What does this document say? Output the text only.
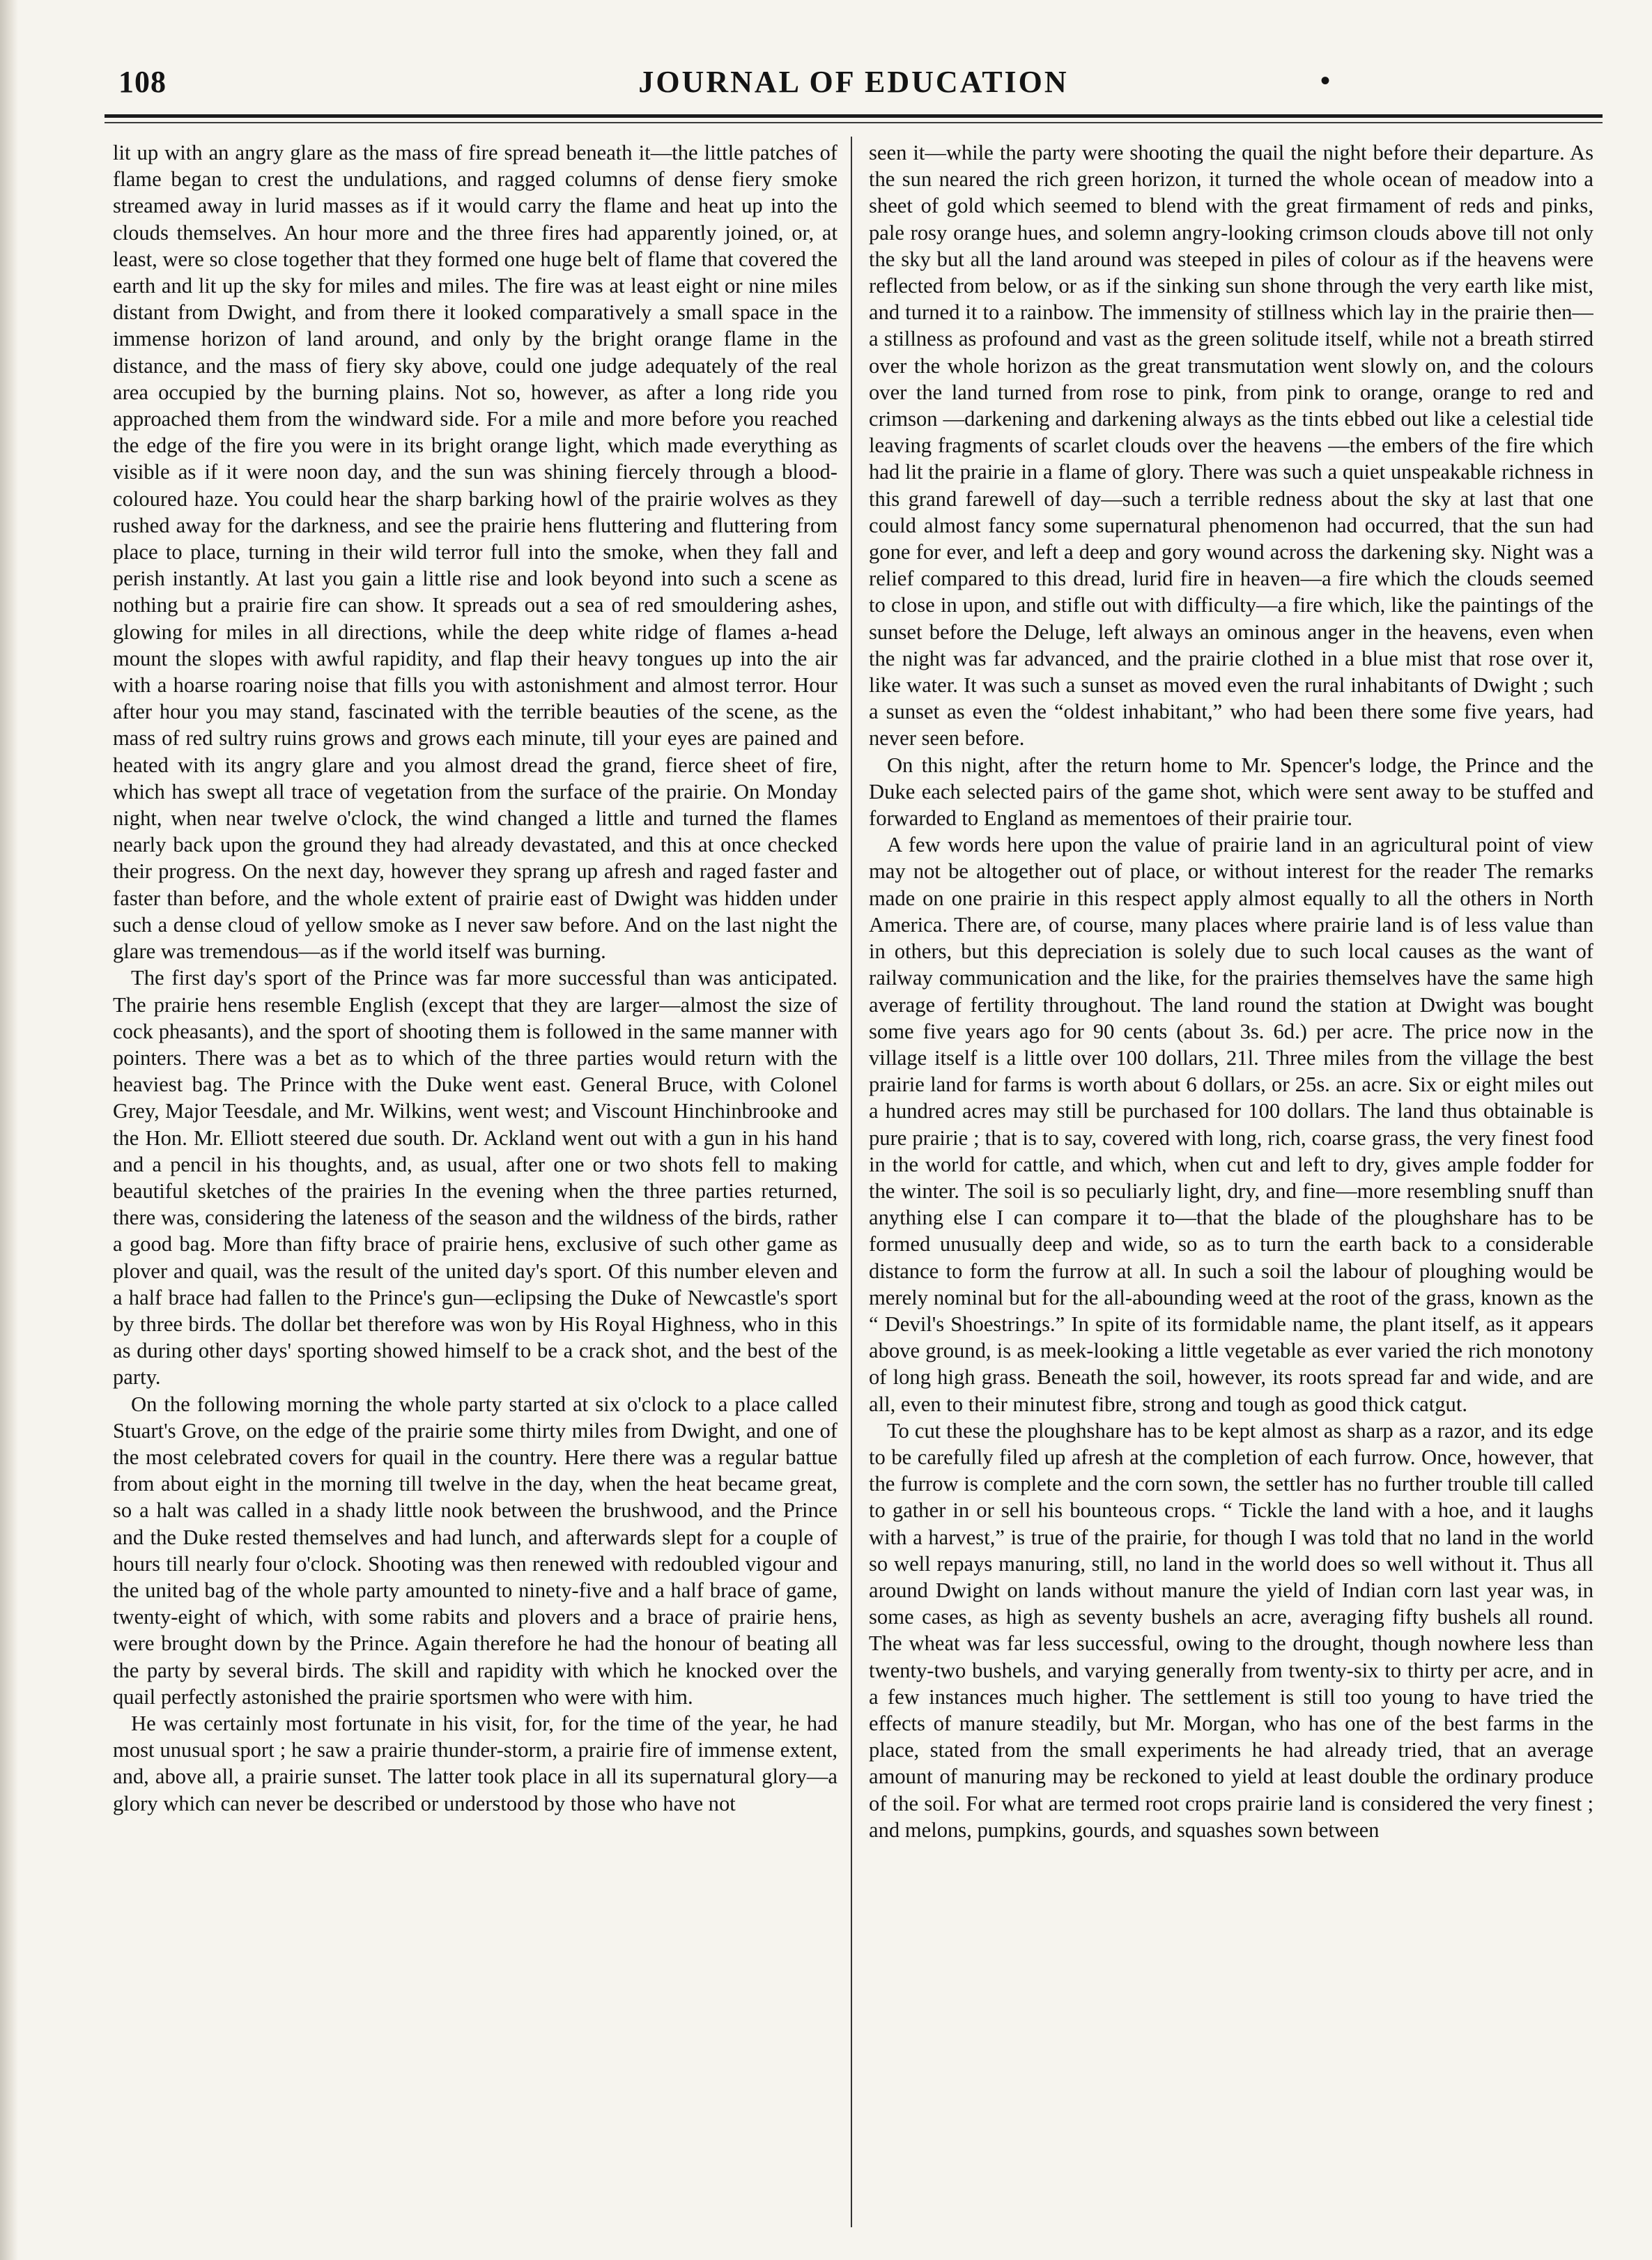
108	JOURNAL OF EDUCATION	•

lit up with an angry glare as the mass of fire spread beneath it—the little patches of flame began to crest the undulations, and ragged columns of dense fiery smoke streamed away in lurid masses as if it would carry the flame and heat up into the clouds themselves. An hour more and the three fires had apparently joined, or, at least, were so close together that they formed one huge belt of flame that covered the earth and lit up the sky for miles and miles. The fire was at least eight or nine miles distant from Dwight, and from there it looked comparatively a small space in the immense horizon of land around, and only by the bright orange flame in the distance, and the mass of fiery sky above, could one judge adequately of the real area occupied by the burning plains. Not so, however, as after a long ride you approached them from the windward side. For a mile and more before you reached the edge of the fire you were in its bright orange light, which made everything as visible as if it were noon day, and the sun was shining fiercely through a blood-coloured haze. You could hear the sharp barking howl of the prairie wolves as they rushed away for the darkness, and see the prairie hens fluttering and fluttering from place to place, turning in their wild terror full into the smoke, when they fall and perish instantly. At last you gain a little rise and look beyond into such a scene as nothing but a prairie fire can show. It spreads out a sea of red smouldering ashes, glowing for miles in all directions, while the deep white ridge of flames a-head mount the slopes with awful rapidity, and flap their heavy tongues up into the air with a hoarse roaring noise that fills you with astonishment and almost terror. Hour after hour you may stand, fascinated with the terrible beauties of the scene, as the mass of red sultry ruins grows and grows each minute, till your eyes are pained and heated with its angry glare and you almost dread the grand, fierce sheet of fire, which has swept all trace of vegetation from the surface of the prairie. On Monday night, when near twelve o'clock, the wind changed a little and turned the flames nearly back upon the ground they had already devastated, and this at once checked their progress. On the next day, however they sprang up afresh and raged faster and faster than before, and the whole extent of prairie east of Dwight was hidden under such a dense cloud of yellow smoke as I never saw before. And on the last night the glare was tremendous—as if the world itself was burning.

The first day's sport of the Prince was far more successful than was anticipated. The prairie hens resemble English (except that they are larger—almost the size of cock pheasants), and the sport of shooting them is followed in the same manner with pointers. There was a bet as to which of the three parties would return with the heaviest bag. The Prince with the Duke went east. General Bruce, with Colonel Grey, Major Teesdale, and Mr. Wilkins, went west; and Viscount Hinchinbrooke and the Hon. Mr. Elliott steered due south. Dr. Ackland went out with a gun in his hand and a pencil in his thoughts, and, as usual, after one or two shots fell to making beautiful sketches of the prairies In the evening when the three parties returned, there was, considering the lateness of the season and the wildness of the birds, rather a good bag. More than fifty brace of prairie hens, exclusive of such other game as plover and quail, was the result of the united day's sport. Of this number eleven and a half brace had fallen to the Prince's gun—eclipsing the Duke of Newcastle's sport by three birds. The dollar bet therefore was won by His Royal Highness, who in this as during other days' sporting showed himself to be a crack shot, and the best of the party.

On the following morning the whole party started at six o'clock to a place called Stuart's Grove, on the edge of the prairie some thirty miles from Dwight, and one of the most celebrated covers for quail in the country. Here there was a regular battue from about eight in the morning till twelve in the day, when the heat became great, so a halt was called in a shady little nook between the brushwood, and the Prince and the Duke rested themselves and had lunch, and afterwards slept for a couple of hours till nearly four o'clock. Shooting was then renewed with redoubled vigour and the united bag of the whole party amounted to ninety-five and a half brace of game, twenty-eight of which, with some rabits and plovers and a brace of prairie hens, were brought down by the Prince. Again therefore he had the honour of beating all the party by several birds. The skill and rapidity with which he knocked over the quail perfectly astonished the prairie sportsmen who were with him.

He was certainly most fortunate in his visit, for, for the time of the year, he had most unusual sport ; he saw a prairie thunder-storm, a prairie fire of immense extent, and, above all, a prairie sunset. The latter took place in all its supernatural glory—a glory which can never be described or understood by those who have not

seen it—while the party were shooting the quail the night before their departure. As the sun neared the rich green horizon, it turned the whole ocean of meadow into a sheet of gold which seemed to blend with the great firmament of reds and pinks, pale rosy orange hues, and solemn angry-looking crimson clouds above till not only the sky but all the land around was steeped in piles of colour as if the heavens were reflected from below, or as if the sinking sun shone through the very earth like mist, and turned it to a rainbow. The immensity of stillness which lay in the prairie then—a stillness as profound and vast as the green solitude itself, while not a breath stirred over the whole horizon as the great transmutation went slowly on, and the colours over the land turned from rose to pink, from pink to orange, orange to red and crimson —darkening and darkening always as the tints ebbed out like a celestial tide leaving fragments of scarlet clouds over the heavens —the embers of the fire which had lit the prairie in a flame of glory. There was such a quiet unspeakable richness in this grand farewell of day—such a terrible redness about the sky at last that one could almost fancy some supernatural phenomenon had occurred, that the sun had gone for ever, and left a deep and gory wound across the darkening sky. Night was a relief compared to this dread, lurid fire in heaven—a fire which the clouds seemed to close in upon, and stifle out with difficulty—a fire which, like the paintings of the sunset before the Deluge, left always an ominous anger in the heavens, even when the night was far advanced, and the prairie clothed in a blue mist that rose over it, like water. It was such a sunset as moved even the rural inhabitants of Dwight ; such a sunset as even the “oldest inhabitant,” who had been there some five years, had never seen before.

On this night, after the return home to Mr. Spencer's lodge, the Prince and the Duke each selected pairs of the game shot, which were sent away to be stuffed and forwarded to England as mementoes of their prairie tour.

A few words here upon the value of prairie land in an agricultural point of view may not be altogether out of place, or without interest for the reader The remarks made on one prairie in this respect apply almost equally to all the others in North America. There are, of course, many places where prairie land is of less value than in others, but this depreciation is solely due to such local causes as the want of railway communication and the like, for the prairies themselves have the same high average of fertility throughout. The land round the station at Dwight was bought some five years ago for 90 cents (about 3s. 6d.) per acre. The price now in the village itself is a little over 100 dollars, 21l. Three miles from the village the best prairie land for farms is worth about 6 dollars, or 25s. an acre. Six or eight miles out a hundred acres may still be purchased for 100 dollars. The land thus obtainable is pure prairie ; that is to say, covered with long, rich, coarse grass, the very finest food in the world for cattle, and which, when cut and left to dry, gives ample fodder for the winter. The soil is so peculiarly light, dry, and fine—more resembling snuff than anything else I can compare it to—that the blade of the ploughshare has to be formed unusually deep and wide, so as to turn the earth back to a considerable distance to form the furrow at all. In such a soil the labour of ploughing would be merely nominal but for the all-abounding weed at the root of the grass, known as the “ Devil's Shoestrings.” In spite of its formidable name, the plant itself, as it appears above ground, is as meek-looking a little vegetable as ever varied the rich monotony of long high grass. Beneath the soil, however, its roots spread far and wide, and are all, even to their minutest fibre, strong and tough as good thick catgut.

To cut these the ploughshare has to be kept almost as sharp as a razor, and its edge to be carefully filed up afresh at the completion of each furrow. Once, however, that the furrow is complete and the corn sown, the settler has no further trouble till called to gather in or sell his bounteous crops. “ Tickle the land with a hoe, and it laughs with a harvest,” is true of the prairie, for though I was told that no land in the world so well repays manuring, still, no land in the world does so well without it. Thus all around Dwight on lands without manure the yield of Indian corn last year was, in some cases, as high as seventy bushels an acre, averaging fifty bushels all round. The wheat was far less successful, owing to the drought, though nowhere less than twenty-two bushels, and varying generally from twenty-six to thirty per acre, and in a few instances much higher. The settlement is still too young to have tried the effects of manure steadily, but Mr. Morgan, who has one of the best farms in the place, stated from the small experiments he had already tried, that an average amount of manuring may be reckoned to yield at least double the ordinary produce of the soil. For what are termed root crops prairie land is considered the very finest ; and melons, pumpkins, gourds, and squashes sown between
